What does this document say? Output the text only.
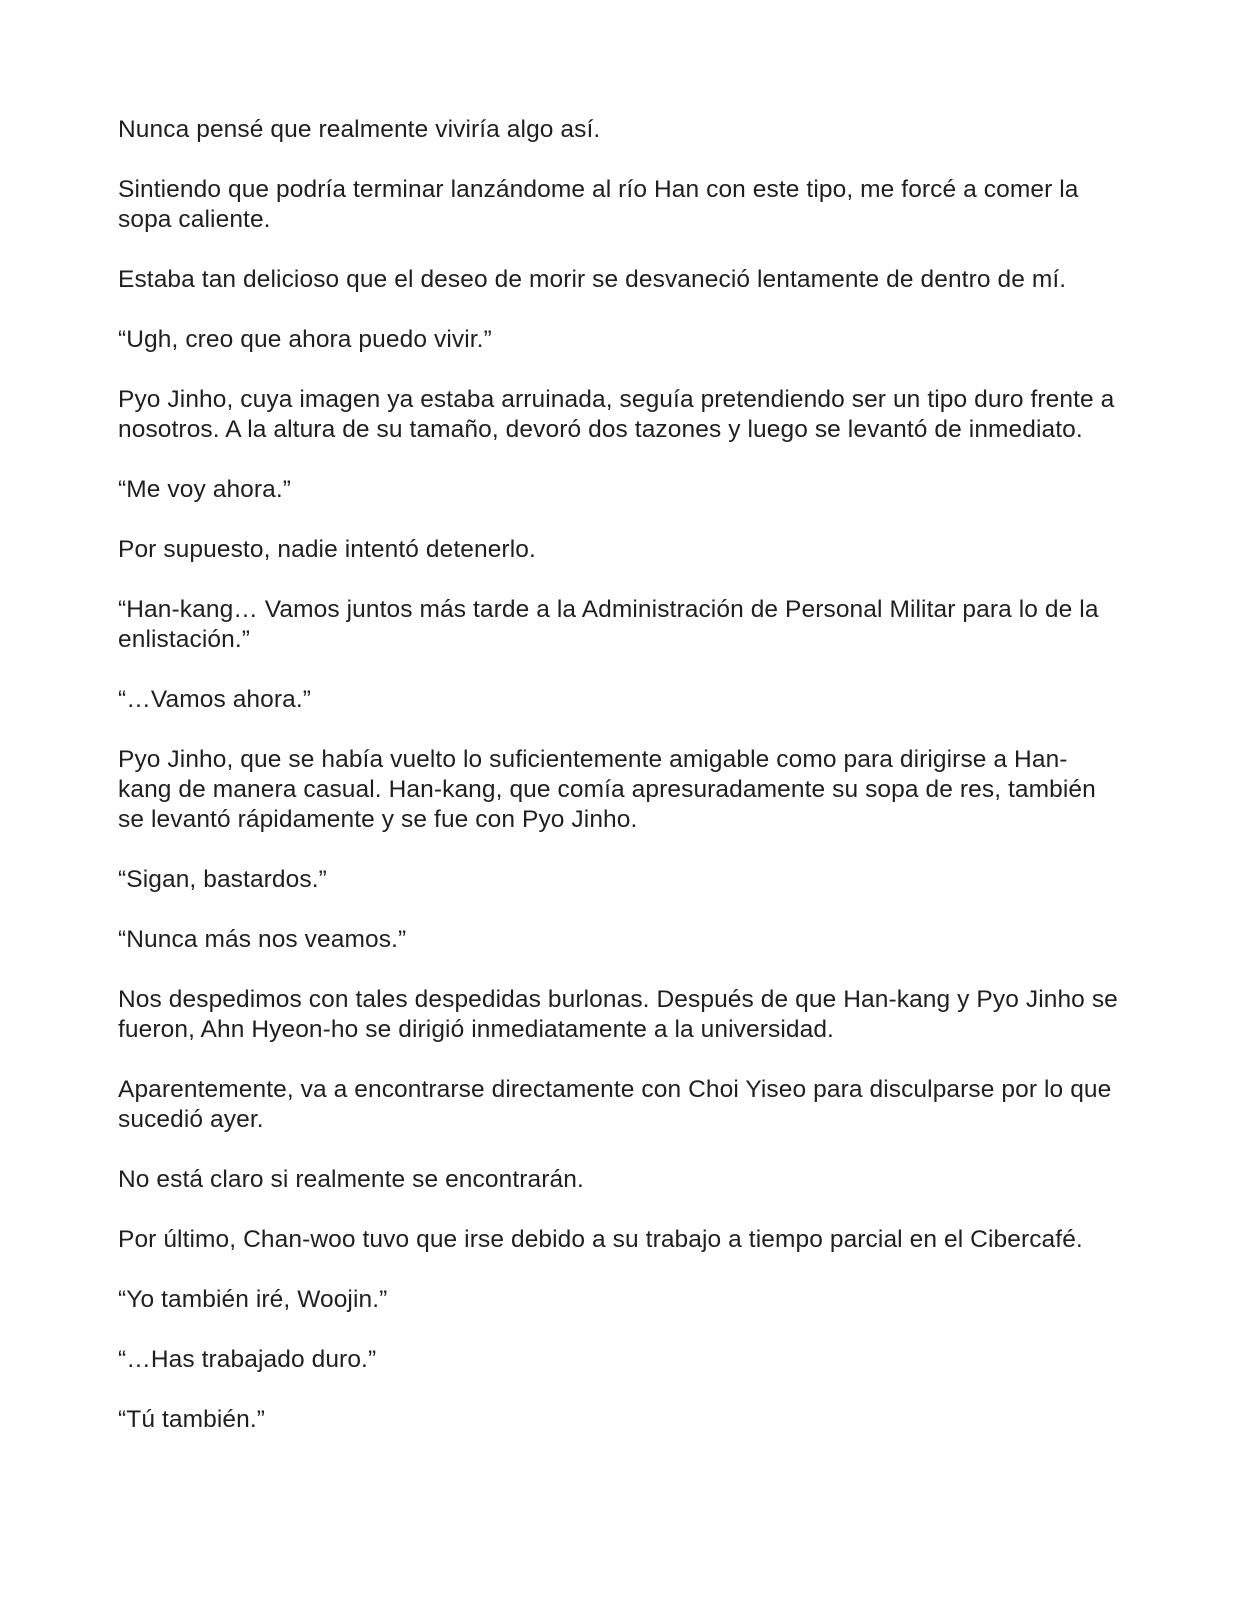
Nunca pensé que realmente viviría algo así.

Sintiendo que podría terminar lanzándome al río Han con este tipo, me forcé a comer la sopa caliente.

Estaba tan delicioso que el deseo de morir se desvaneció lentamente de dentro de mí.

“Ugh, creo que ahora puedo vivir.”

Pyo Jinho, cuya imagen ya estaba arruinada, seguía pretendiendo ser un tipo duro frente a nosotros. A la altura de su tamaño, devoró dos tazones y luego se levantó de inmediato.

“Me voy ahora.”

Por supuesto, nadie intentó detenerlo.

“Han-kang… Vamos juntos más tarde a la Administración de Personal Militar para lo de la enlistación.”

“…Vamos ahora.”

Pyo Jinho, que se había vuelto lo suficientemente amigable como para dirigirse a Han-kang de manera casual. Han-kang, que comía apresuradamente su sopa de res, también se levantó rápidamente y se fue con Pyo Jinho.

“Sigan, bastardos.”

“Nunca más nos veamos.”

Nos despedimos con tales despedidas burlonas. Después de que Han-kang y Pyo Jinho se fueron, Ahn Hyeon-ho se dirigió inmediatamente a la universidad.

Aparentemente, va a encontrarse directamente con Choi Yiseo para disculparse por lo que sucedió ayer.

No está claro si realmente se encontrarán.

Por último, Chan-woo tuvo que irse debido a su trabajo a tiempo parcial en el Cibercafé.

“Yo también iré, Woojin.”

“…Has trabajado duro.”

“Tú también.”
